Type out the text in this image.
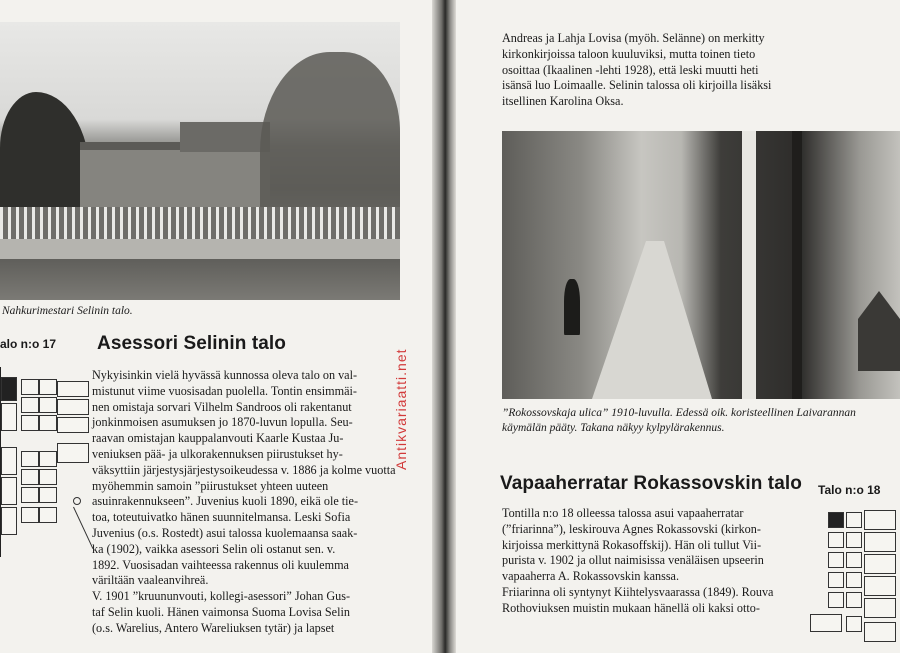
Nahkurimestari Selinin talo.
alo n:o 17 Asessori Selinin talo

Nykyisinkin vielä hyvässä kunnossa oleva talo on val-
mistunut viime vuosisadan puolella. Tontin ensimmäi-
nen omistaja sorvari Vilhelm Sandroos oli rakentanut
jonkinmoisen asumuksen jo 1870-luvun lopulla. Seu-
raavan omistajan kauppalanvouti Kaarle Kustaa Ju-
veniuksen pää- ja ulkorakennuksen piirustukset hy-
väksyttiin järjestysjärjestysoikeudessa v. 1886 ja kolme vuotta
myöhemmin samoin ”piirustukset yhteen uuteen
asuinrakennukseen”. Juvenius kuoli 1890, eikä ole tie-
toa, toteutuivatko hänen suunnitelmansa. Leski Sofia
Juvenius (o.s. Rostedt) asui talossa kuolemaansa saak-
ka (1902), vaikka asessori Selin oli ostanut sen. v.
1892. Vuosisadan vaihteessa rakennus oli kuulemma
väriltään vaaleanvihreä.

V. 1901 ”kruununvouti, kollegi-asessori” Johan Gus-
taf Selin kuoli. Hänen vaimonsa Suoma Lovisa Selin
(o.s. Warelius, Antero Wareliuksen tytär) ja lapset

Andreas ja Lahja Lovisa (myöh. Selänne) on merkitty
kirkonkirjoissa taloon kuuluviksi, mutta toinen tieto
osoittaa (Ikaalinen -lehti 1928), että leski muutti heti
isänsä luo Loimaalle. Selinin talossa oli kirjoilla lisäksi
itsellinen Karolina Oksa.
”Rokossovskaja ulica” 1910-luvulla. Edessä oik. koristeellinen Laivarannan
käymälän pääty. Takana näkyy kylpylärakennus.
Vapaaherratar Rokassovskin talo Talo n:o 18
Tontilla n:o 18 olleessa talossa asui vapaaherratar
(”friarinna”), leskirouva Agnes Rokassovski (kirkon-
kirjoissa merkittynä Rokasoffskij). Hän oli tullut Vii-
purista v. 1902 ja ollut naimisissa venäläisen upseerin
vapaaherra A. Rokassovskin kanssa.
Friiarinna oli syntynyt Kiihtelysvaarassa (1849). Rouva
Rothoviuksen muistin mukaan hänellä oli kaksi otto-
Antikvariaatti.net
